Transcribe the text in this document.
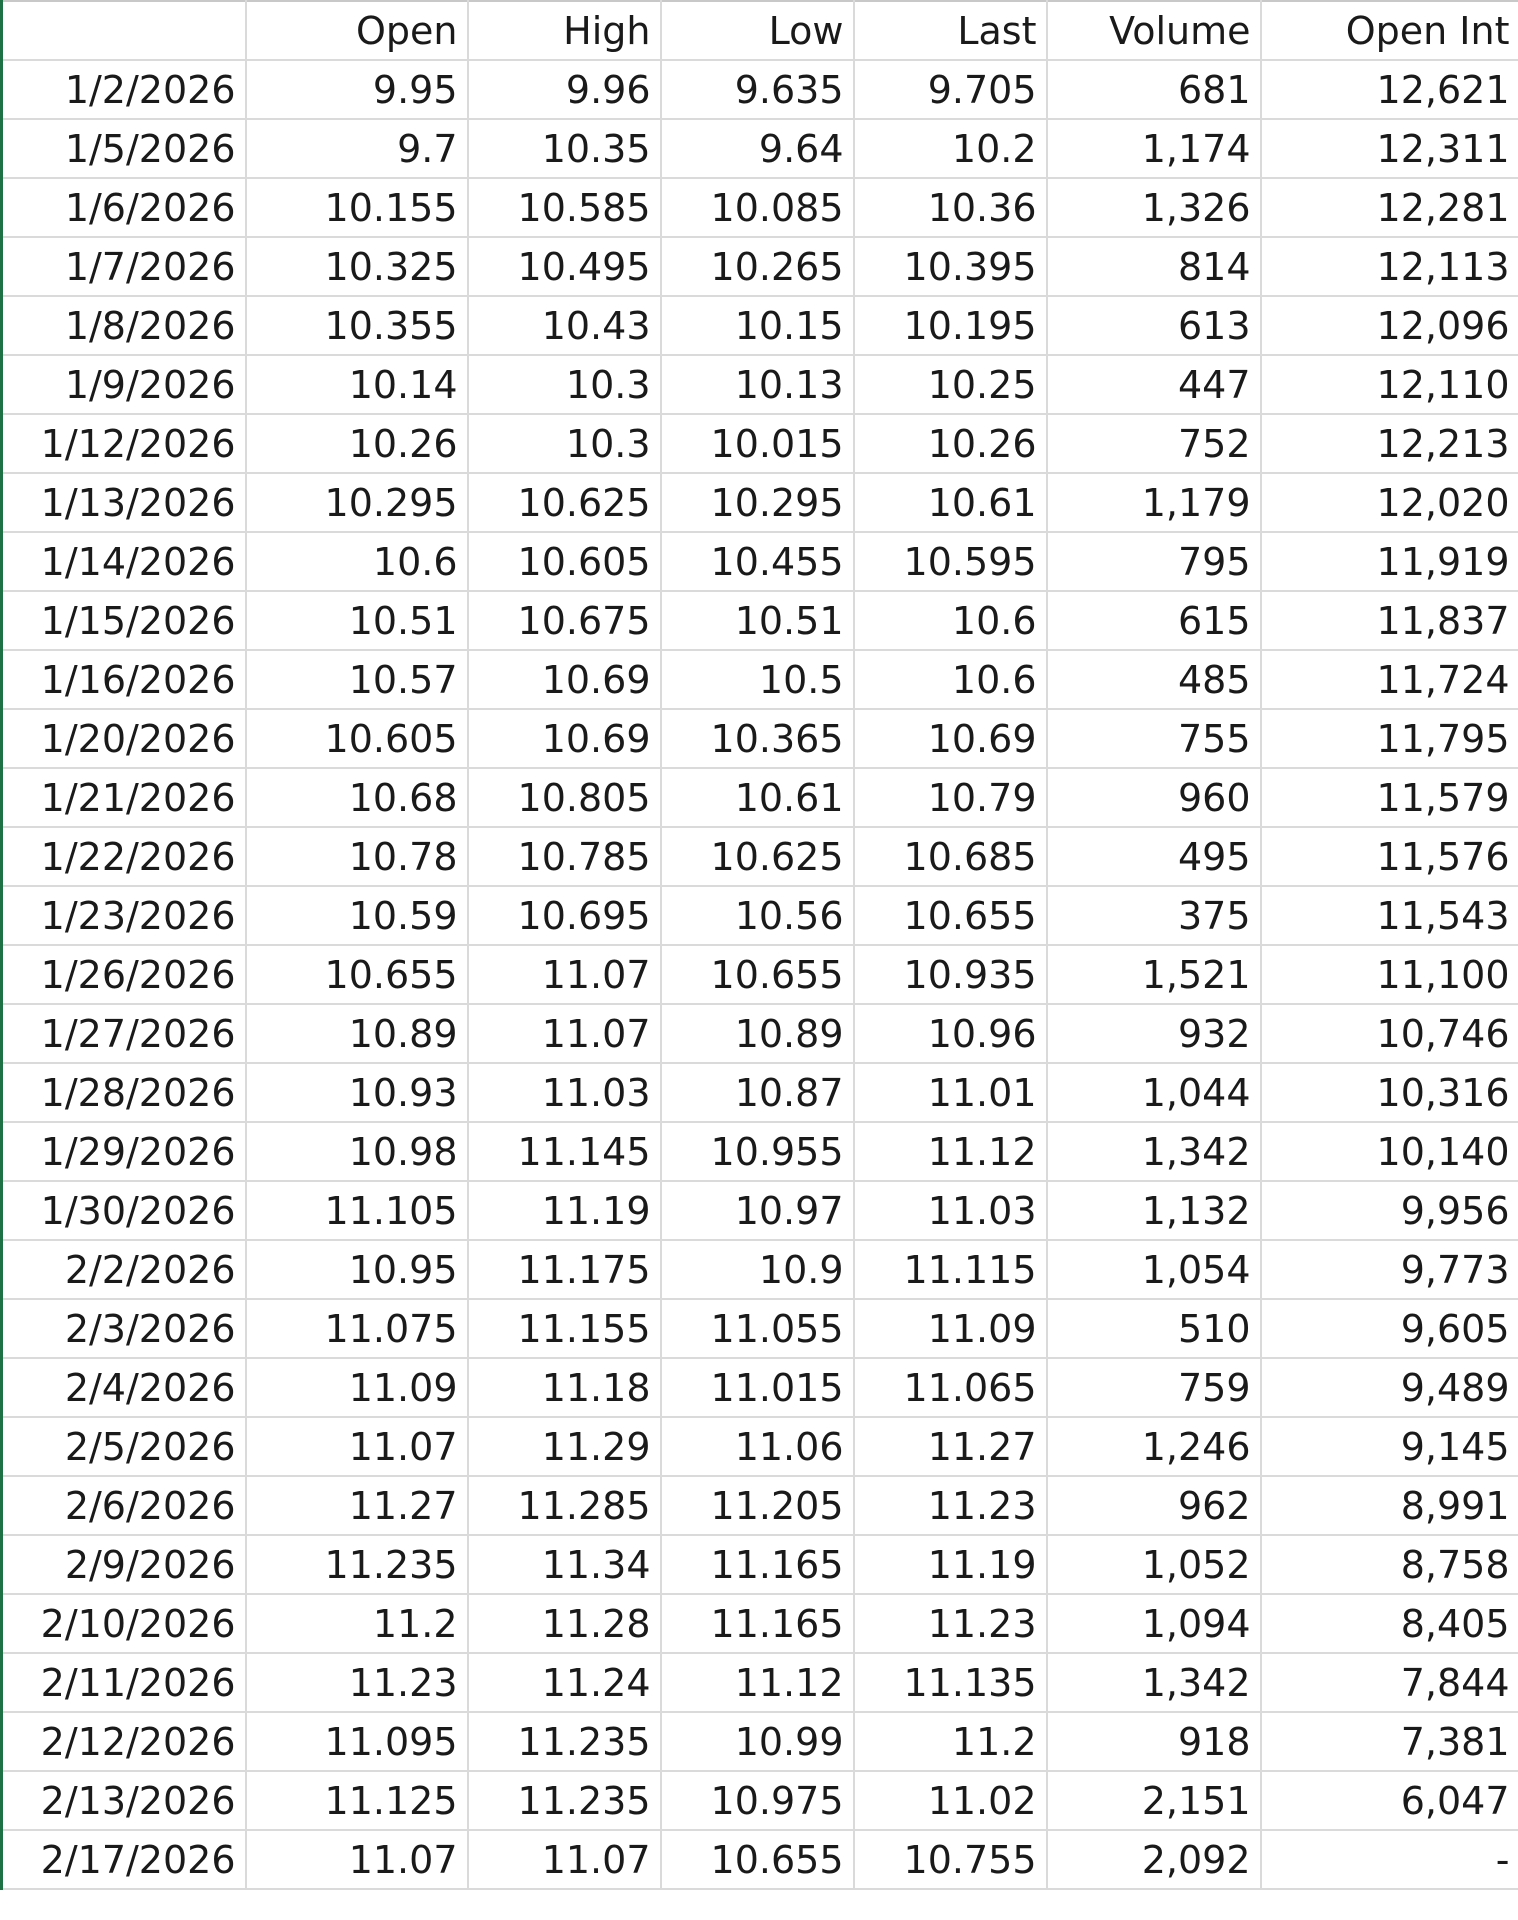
	Open	High	Low	Last	Volume	Open Int
1/2/2026	9.95	9.96	9.635	9.705	681	12,621
1/5/2026	9.7	10.35	9.64	10.2	1,174	12,311
1/6/2026	10.155	10.585	10.085	10.36	1,326	12,281
1/7/2026	10.325	10.495	10.265	10.395	814	12,113
1/8/2026	10.355	10.43	10.15	10.195	613	12,096
1/9/2026	10.14	10.3	10.13	10.25	447	12,110
1/12/2026	10.26	10.3	10.015	10.26	752	12,213
1/13/2026	10.295	10.625	10.295	10.61	1,179	12,020
1/14/2026	10.6	10.605	10.455	10.595	795	11,919
1/15/2026	10.51	10.675	10.51	10.6	615	11,837
1/16/2026	10.57	10.69	10.5	10.6	485	11,724
1/20/2026	10.605	10.69	10.365	10.69	755	11,795
1/21/2026	10.68	10.805	10.61	10.79	960	11,579
1/22/2026	10.78	10.785	10.625	10.685	495	11,576
1/23/2026	10.59	10.695	10.56	10.655	375	11,543
1/26/2026	10.655	11.07	10.655	10.935	1,521	11,100
1/27/2026	10.89	11.07	10.89	10.96	932	10,746
1/28/2026	10.93	11.03	10.87	11.01	1,044	10,316
1/29/2026	10.98	11.145	10.955	11.12	1,342	10,140
1/30/2026	11.105	11.19	10.97	11.03	1,132	9,956
2/2/2026	10.95	11.175	10.9	11.115	1,054	9,773
2/3/2026	11.075	11.155	11.055	11.09	510	9,605
2/4/2026	11.09	11.18	11.015	11.065	759	9,489
2/5/2026	11.07	11.29	11.06	11.27	1,246	9,145
2/6/2026	11.27	11.285	11.205	11.23	962	8,991
2/9/2026	11.235	11.34	11.165	11.19	1,052	8,758
2/10/2026	11.2	11.28	11.165	11.23	1,094	8,405
2/11/2026	11.23	11.24	11.12	11.135	1,342	7,844
2/12/2026	11.095	11.235	10.99	11.2	918	7,381
2/13/2026	11.125	11.235	10.975	11.02	2,151	6,047
2/17/2026	11.07	11.07	10.655	10.755	2,092	-
